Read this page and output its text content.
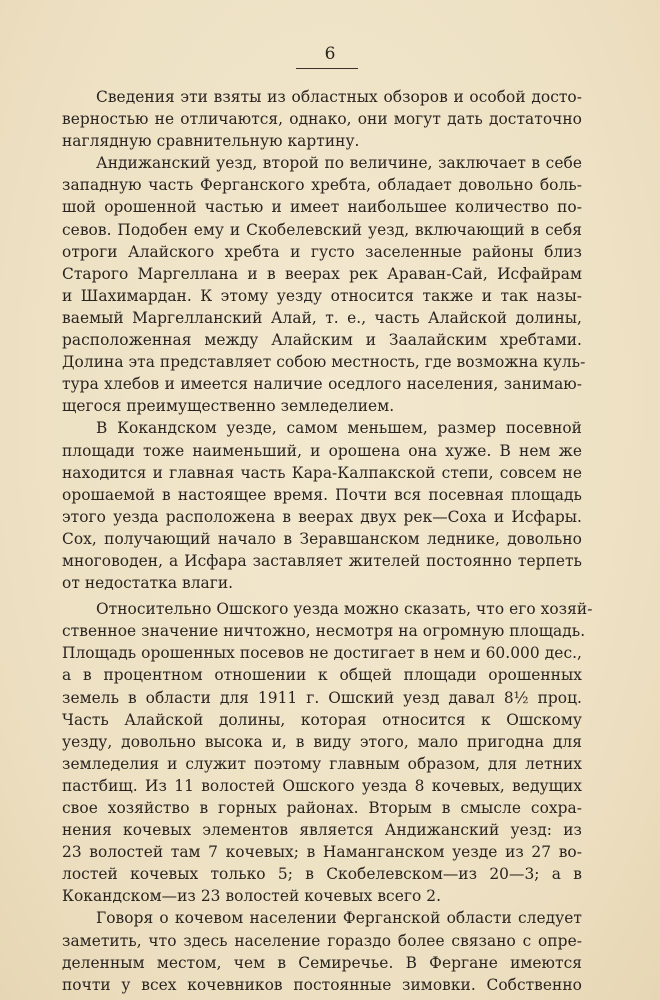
6
Сведения эти взяты из областных обзоров и особой досто-
верностью не отличаются, однако, они могут дать достаточно
наглядную сравнительную картину.
Андижанский уезд, второй по величине, заключает в себе
западную часть Ферганского хребта, обладает довольно боль-
шой орошенной частью и имеет наибольшее количество по-
севов. Подобен ему и Скобелевский уезд, включающий в себя
отроги Алайского хребта и густо заселенные районы близ
Старого Маргеллана и в веерах рек Араван-Сай, Исфайрам
и Шахимардан. К этому уезду относится также и так назы-
ваемый Маргелланский Алай, т. е., часть Алайской долины,
расположенная между Алайским и Заалайским хребтами.
Долина эта представляет собою местность, где возможна куль-
тура хлебов и имеется наличие оседлого населения, занимаю-
щегося преимущественно земледелием.
В Кокандском уезде, самом меньшем, размер посевной
площади тоже наименьший, и орошена она хуже. В нем же
находится и главная часть Кара-Калпакской степи, совсем не
орошаемой в настоящее время. Почти вся посевная площадь
этого уезда расположена в веерах двух рек—Соха и Исфары.
Сох, получающий начало в Зеравшанском леднике, довольно
многоводен, а Исфара заставляет жителей постоянно терпеть
от недостатка влаги.
Относительно Ошского уезда можно сказать, что его хозяй-
ственное значение ничтожно, несмотря на огромную площадь.
Площадь орошенных посевов не достигает в нем и 60.000 дес.,
а в процентном отношении к общей площади орошенных
земель в области для 1911 г. Ошский уезд давал 8½ проц.
Часть Алайской долины, которая относится к Ошскому
уезду, довольно высока и, в виду этого, мало пригодна для
земледелия и служит поэтому главным образом, для летних
пастбищ. Из 11 волостей Ошского уезда 8 кочевых, ведущих
свое хозяйство в горных районах. Вторым в смысле сохра-
нения кочевых элементов является Андижанский уезд: из
23 волостей там 7 кочевых; в Наманганском уезде из 27 во-
лостей кочевых только 5; в Скобелевском—из 20—3; а в
Кокандском—из 23 волостей кочевых всего 2.
Говоря о кочевом населении Ферганской области следует
заметить, что здесь население гораздо более связано с опре-
деленным местом, чем в Семиречье. В Фергане имеются
почти у всех кочевников постоянные зимовки. Собственно
